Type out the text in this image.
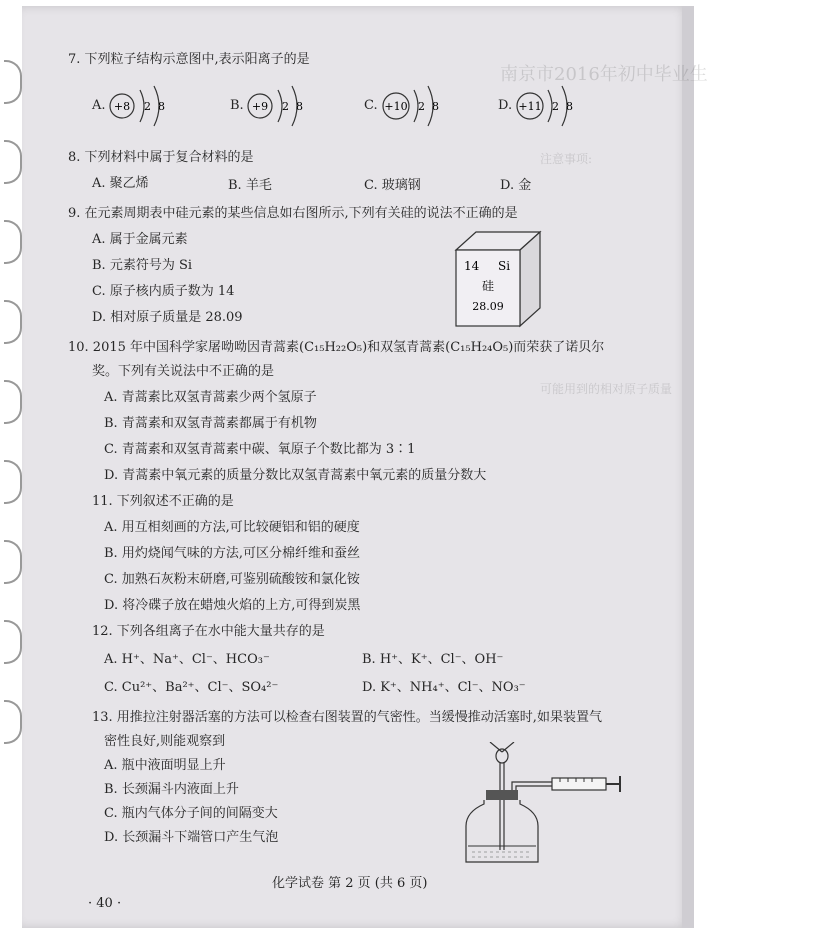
7. 下列粒子结构示意图中,表示阳离子的是
A. +8 2 8	B. +9 2 8	C. +10 2 8	D. +11 2 8
8. 下列材料中属于复合材料的是
A. 聚乙烯	B. 羊毛	C. 玻璃钢	D. 金
9. 在元素周期表中硅元素的某些信息如右图所示,下列有关硅的说法不正确的是
A. 属于金属元素
B. 元素符号为 Si
C. 原子核内质子数为 14
D. 相对原子质量是 28.09
14 Si
硅
28.09
10. 2015 年中国科学家屠呦呦因青蒿素(C₁₅H₂₂O₅)和双氢青蒿素(C₁₅H₂₄O₅)而荣获了诺贝尔
奖。下列有关说法中不正确的是
A. 青蒿素比双氢青蒿素少两个氢原子
B. 青蒿素和双氢青蒿素都属于有机物
C. 青蒿素和双氢青蒿素中碳、氧原子个数比都为 3∶1
D. 青蒿素中氧元素的质量分数比双氢青蒿素中氧元素的质量分数大
11. 下列叙述不正确的是
A. 用互相刻画的方法,可比较硬铝和铝的硬度
B. 用灼烧闻气味的方法,可区分棉纤维和蚕丝
C. 加熟石灰粉末研磨,可鉴别硫酸铵和氯化铵
D. 将冷碟子放在蜡烛火焰的上方,可得到炭黑
12. 下列各组离子在水中能大量共存的是
A. H⁺、Na⁺、Cl⁻、HCO₃⁻	B. H⁺、K⁺、Cl⁻、OH⁻
C. Cu²⁺、Ba²⁺、Cl⁻、SO₄²⁻	D. K⁺、NH₄⁺、Cl⁻、NO₃⁻
13. 用推拉注射器活塞的方法可以检查右图装置的气密性。当缓慢推动活塞时,如果装置气
密性良好,则能观察到
A. 瓶中液面明显上升
B. 长颈漏斗内液面上升
C. 瓶内气体分子间的间隔变大
D. 长颈漏斗下端管口产生气泡
南京市2016年初中毕业生
注意事项:
可能用到的相对原子质量
化学试卷 第 2 页 (共 6 页)
· 40 ·
